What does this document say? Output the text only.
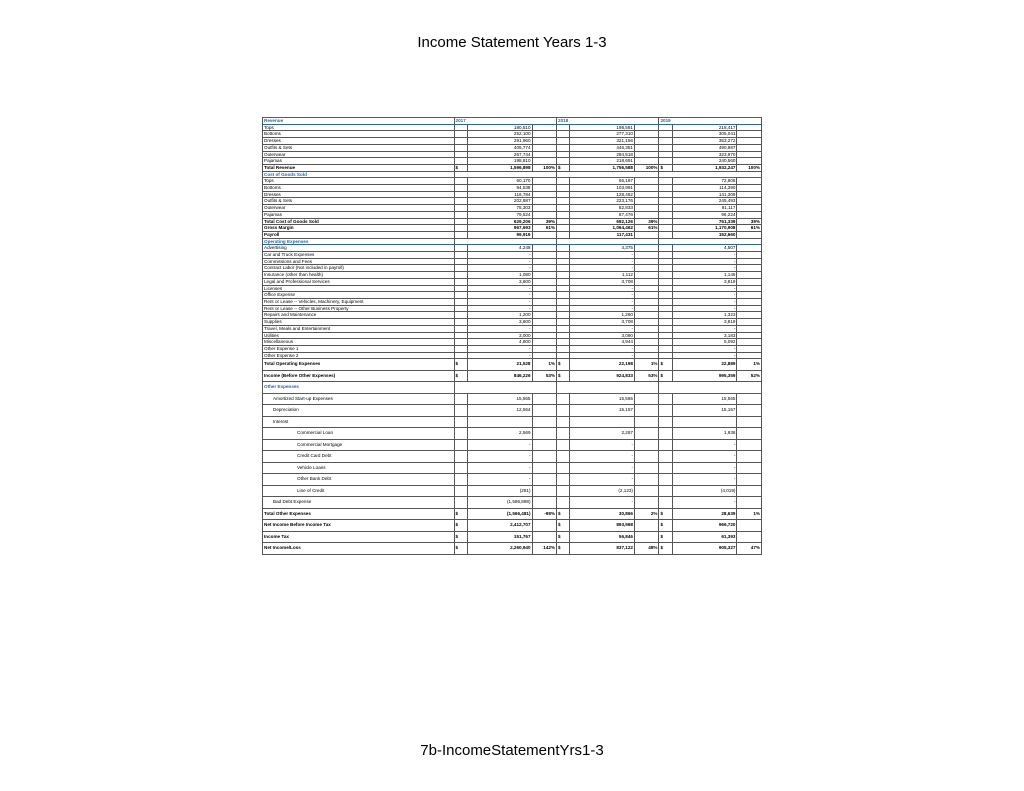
Income Statement Years 1-3
Revenue	2017			2018			2019		
Tops		180,510			198,561			218,417	
Bottoms		252,100			277,310			305,041	
Dresses		291,960			321,156			353,272	
Outfits & Sets		405,774			446,351			490,987	
Outerwear		267,744			294,518			323,970	
Pajamas		198,810			218,691			240,560	
Total Revenue	$	1,596,898	100%	$	1,756,588	100%	$	1,932,247	100%
Cost of Goods Sold									
Tops		60,170			66,187			72,806	
Bottoms		94,538			103,991			114,390	
Dresses		116,784			128,462			141,309	
Outfits & Sets		202,887			223,176			245,493	
Outerwear		75,303			82,833			91,117	
Pajamas		79,524			87,476			96,224	
Total Cost of Goods Sold		629,206	39%		692,126	39%		761,339	39%
Gross Margin		967,693	61%		1,064,462	61%		1,170,908	61%
Payroll		99,919			117,431			152,660	
Operating Expenses									
Advertising		4,248			4,375			4,507	
Car and Truck Expenses		-			-			-	
Commissions and Fees		-			-			-	
Contract Labor (Not included in payroll)		-			-			-	
Insurance (other than health)		1,080			1,112			1,146	
Legal and Professional Services		3,600			3,708			3,819	
Licenses		-			-			-	
Office Expense		-			-			-	
Rent or Lease -- Vehicles, Machinery, Equipment		-			-			-	
Rent or Lease -- Other Business Property		-			-			-	
Repairs and Maintenance		1,200			1,260			1,323	
Supplies		3,600			3,708			3,819	
Travel, Meals and Entertainment		-			-			-	
Utilities		3,000			3,090			3,183	
Miscellaneous		4,800			4,944			5,092	
Other Expense 1		-			-			-	
Other Expense 2		-			-			-	
Total Operating Expenses	$	21,528	1%	$	22,198	1%	$	22,889	1%
Income (Before Other Expenses)	$	846,226	53%	$	924,833	53%	$	995,359	52%
Other Expenses									
Amortized Start-up Expenses		15,565			15,565			15,565	
Depreciation		12,564			15,157			15,157	
Interest									
Commercial Loan		2,569			2,267			1,936	
Commercial Mortgage		-			-			-	
Credit Card Debt		-			-			-	
Vehicle Loans		-			-			-	
Other Bank Debt		-			-			-	
Line of Credit		(281)			(2,123)			(4,019)	
Bad Debt Expense		(1,596,898)			-			-	
Total Other Expenses	$	(1,566,481)	-98%	$	30,866	2%	$	28,639	1%
Net Income Before Income Tax	$	2,412,707		$	893,968		$	966,720	
Income Tax	$	151,767		$	56,846		$	61,393	
Net Income/Loss	$	2,260,940	142%	$	837,122	48%	$	905,327	47%
7b-IncomeStatementYrs1-3
